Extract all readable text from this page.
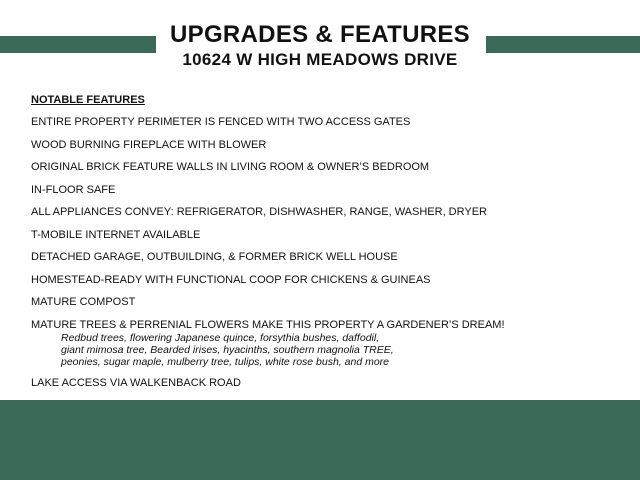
UPGRADES & FEATURES
10624 W HIGH MEADOWS DRIVE
NOTABLE FEATURES
ENTIRE PROPERTY PERIMETER IS FENCED WITH TWO ACCESS GATES
WOOD BURNING FIREPLACE WITH BLOWER
ORIGINAL BRICK FEATURE WALLS IN LIVING ROOM & OWNER’S BEDROOM
IN-FLOOR SAFE
ALL APPLIANCES CONVEY: REFRIGERATOR, DISHWASHER, RANGE, WASHER, DRYER
T-MOBILE INTERNET AVAILABLE
DETACHED GARAGE, OUTBUILDING, & FORMER BRICK WELL HOUSE
HOMESTEAD-READY WITH FUNCTIONAL COOP FOR CHICKENS & GUINEAS
MATURE COMPOST
MATURE TREES & PERRENIAL FLOWERS MAKE THIS PROPERTY A GARDENER’S DREAM!
Redbud trees, flowering Japanese quince, forsythia bushes, daffodil,
giant mimosa tree, Bearded irises, hyacinths, southern magnolia TREE,
peonies, sugar maple, mulberry tree, tulips, white rose bush, and more
LAKE ACCESS VIA WALKENBACK ROAD
